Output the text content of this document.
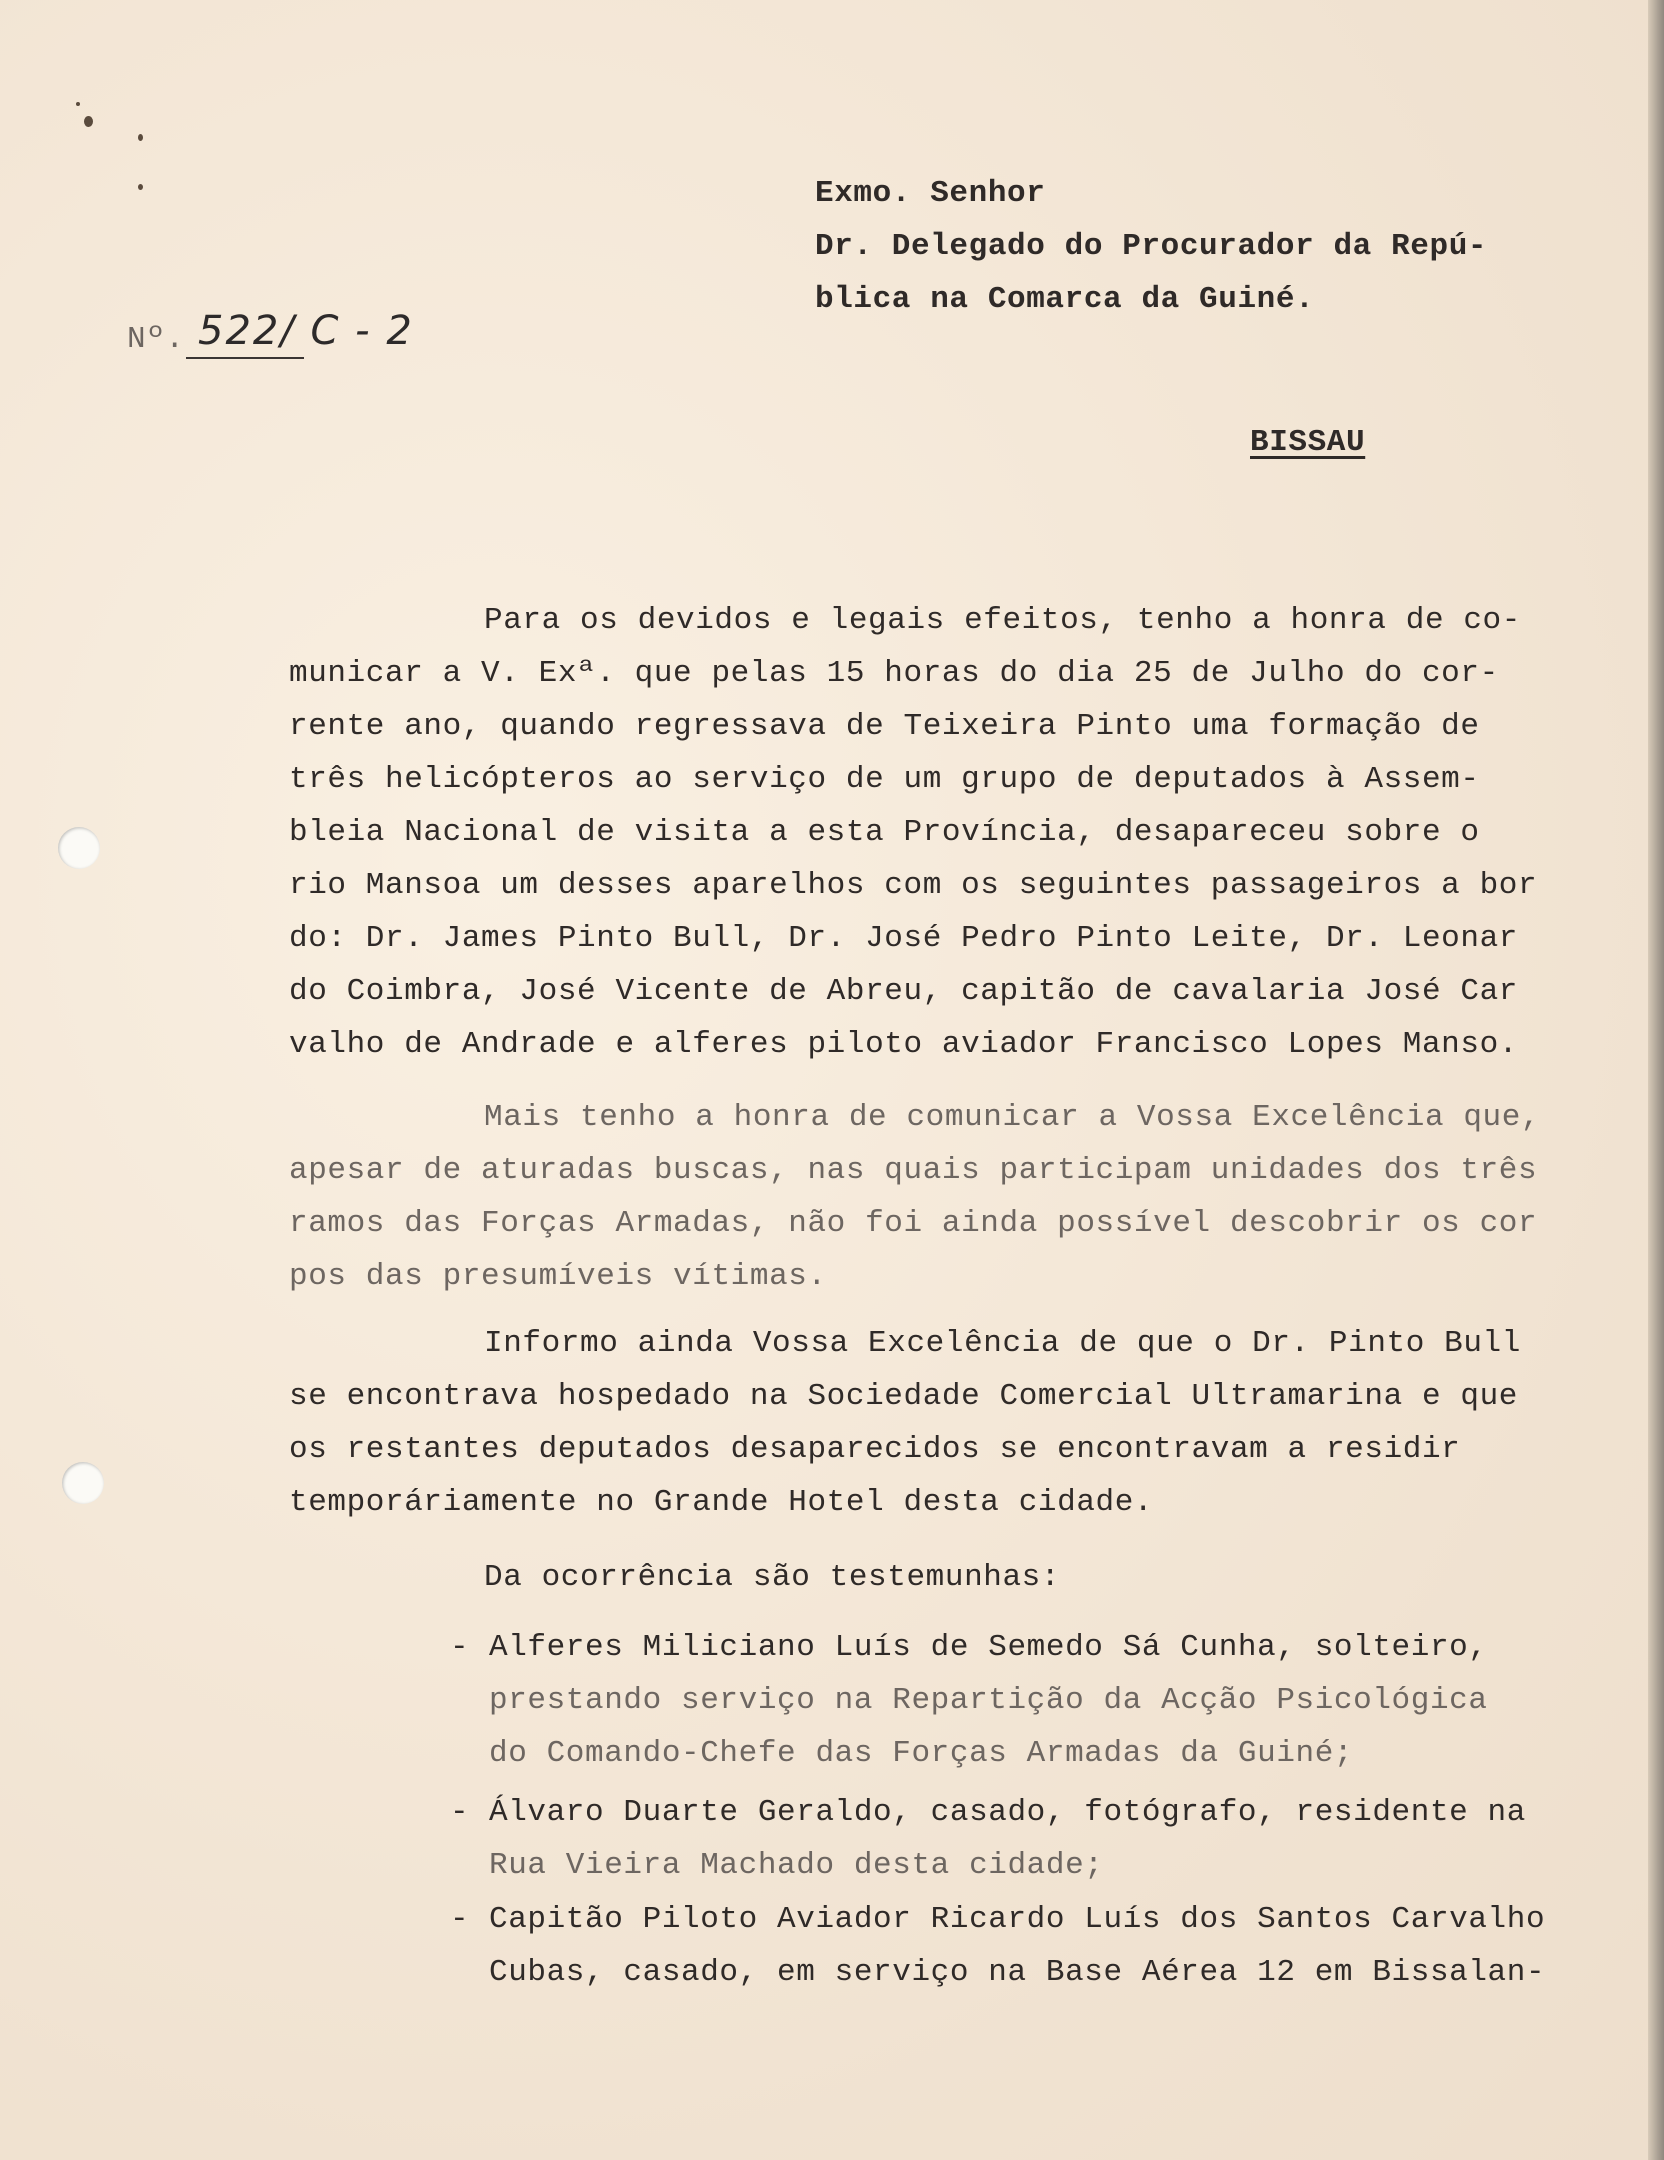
Exmo. Senhor
Dr. Delegado do Procurador da Repú-
blica na Comarca da Guiné.
Nº. 522/ C - 2
BISSAU
Para os devidos e legais efeitos, tenho a honra de co-
municar a V. Exª. que pelas 15 horas do dia 25 de Julho do cor-
rente ano, quando regressava de Teixeira Pinto uma formação de
três helicópteros ao serviço de um grupo de deputados à Assem-
bleia Nacional de visita a esta Província, desapareceu sobre o
rio Mansoa um desses aparelhos com os seguintes passageiros a bor
do: Dr. James Pinto Bull, Dr. José Pedro Pinto Leite, Dr. Leonar
do Coimbra, José Vicente de Abreu, capitão de cavalaria José Car
valho de Andrade e alferes piloto aviador Francisco Lopes Manso.
Mais tenho a honra de comunicar a Vossa Excelência que,
apesar de aturadas buscas, nas quais participam unidades dos três
ramos das Forças Armadas, não foi ainda possível descobrir os cor
pos das presumíveis vítimas.
Informo ainda Vossa Excelência de que o Dr. Pinto Bull
se encontrava hospedado na Sociedade Comercial Ultramarina e que
os restantes deputados desaparecidos se encontravam a residir
temporáriamente no Grande Hotel desta cidade.
Da ocorrência são testemunhas:
- Alferes Miliciano Luís de Semedo Sá Cunha, solteiro,
prestando serviço na Repartição da Acção Psicológica
do Comando-Chefe das Forças Armadas da Guiné;
- Álvaro Duarte Geraldo, casado, fotógrafo, residente na
Rua Vieira Machado desta cidade;
- Capitão Piloto Aviador Ricardo Luís dos Santos Carvalho
Cubas, casado, em serviço na Base Aérea 12 em Bissalan-
